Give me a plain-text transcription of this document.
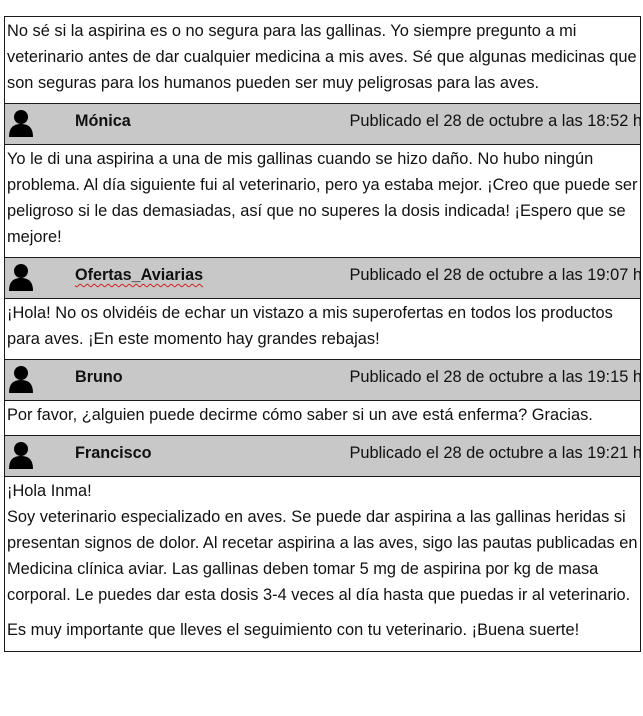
No sé si la aspirina es o no segura para las gallinas. Yo siempre pregunto a mi veterinario antes de dar cualquier medicina a mis aves. Sé que algunas medicinas que son seguras para los humanos pueden ser muy peligrosas para las aves.

Mónica	Publicado el 28 de octubre a las 18:52 h

Yo le di una aspirina a una de mis gallinas cuando se hizo daño. No hubo ningún problema. Al día siguiente fui al veterinario, pero ya estaba mejor. ¡Creo que puede ser peligroso si le das demasiadas, así que no superes la dosis indicada! ¡Espero que se mejore!

Ofertas_Aviarias	Publicado el 28 de octubre a las 19:07 h

¡Hola! No os olvidéis de echar un vistazo a mis superofertas en todos los productos para aves. ¡En este momento hay grandes rebajas!

Bruno	Publicado el 28 de octubre a las 19:15 h

Por favor, ¿alguien puede decirme cómo saber si un ave está enferma? Gracias.

Francisco	Publicado el 28 de octubre a las 19:21 h

¡Hola Inma!

Soy veterinario especializado en aves. Se puede dar aspirina a las gallinas heridas si presentan signos de dolor. Al recetar aspirina a las aves, sigo las pautas publicadas en Medicina clínica aviar. Las gallinas deben tomar 5 mg de aspirina por kg de masa corporal. Le puedes dar esta dosis 3-4 veces al día hasta que puedas ir al veterinario.

Es muy importante que lleves el seguimiento con tu veterinario. ¡Buena suerte!
